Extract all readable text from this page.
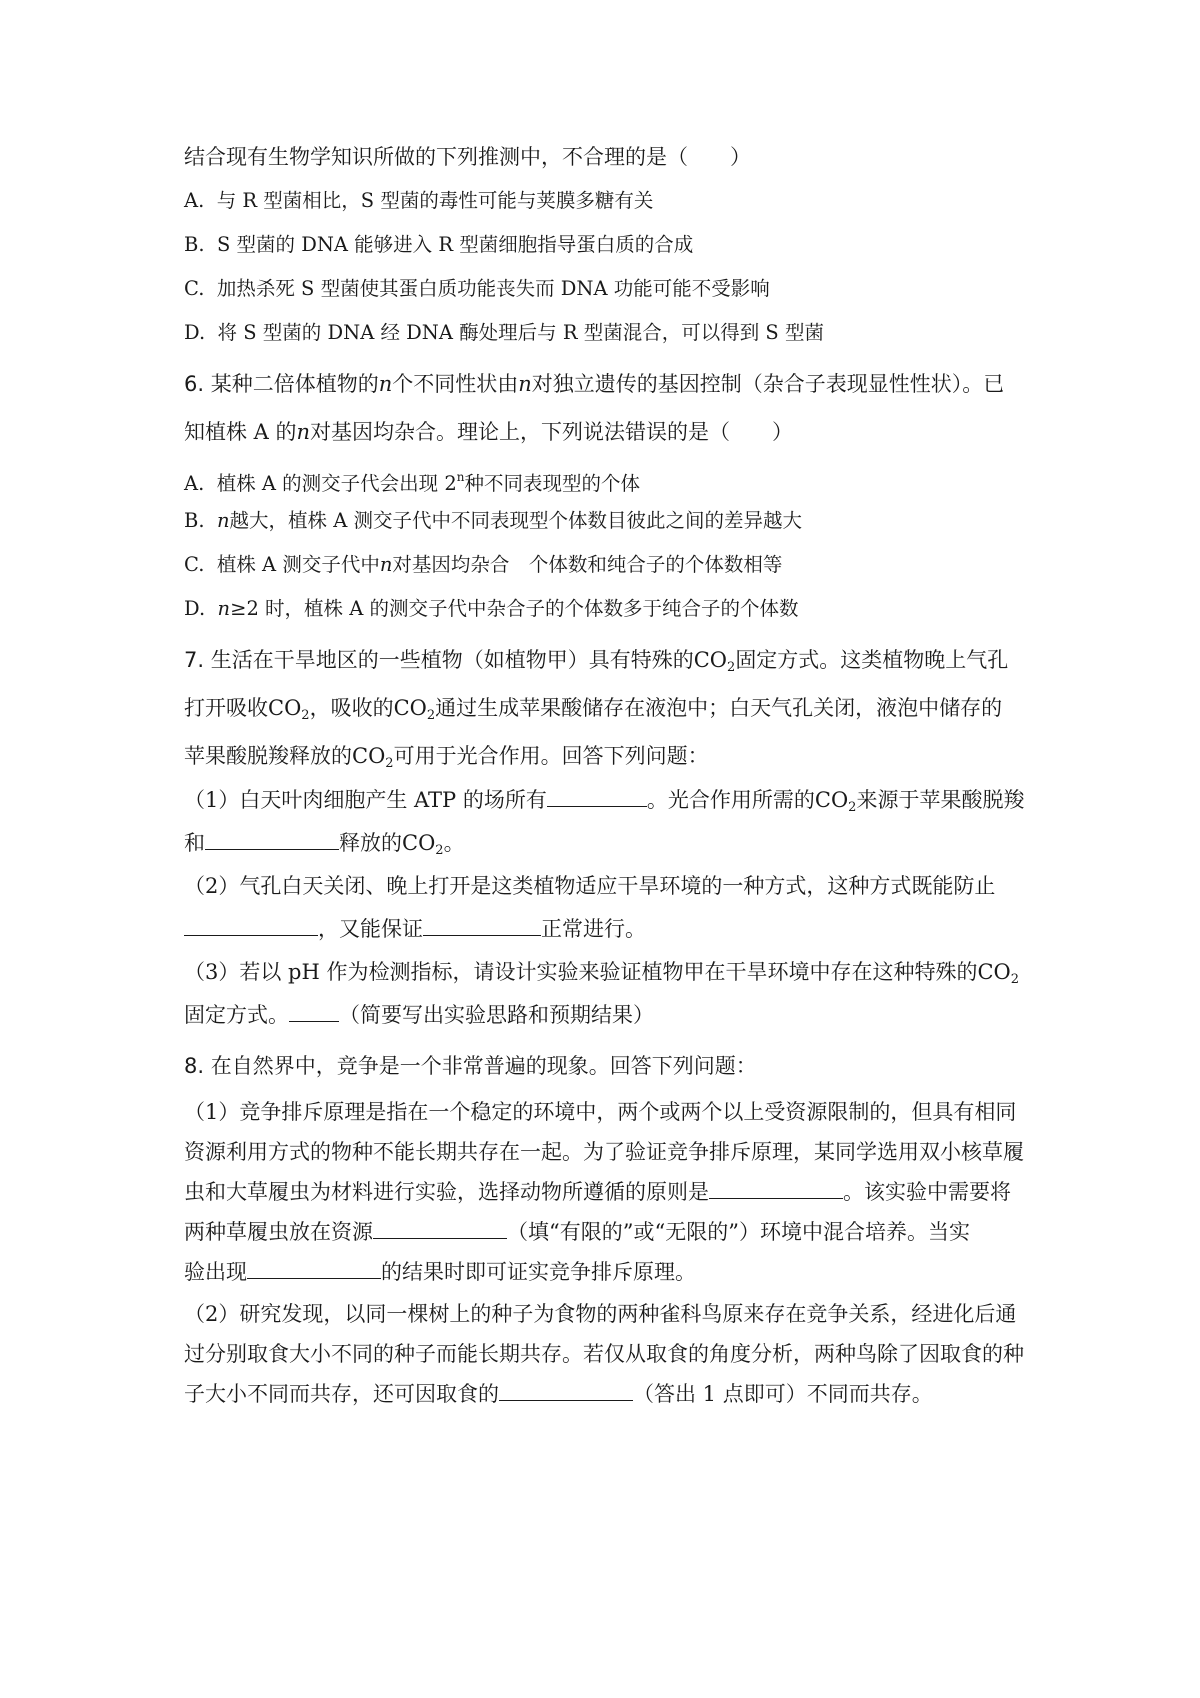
结合现有生物学知识所做的下列推测中，不合理的是（　　）
A. 与 R 型菌相比，S 型菌的毒性可能与荚膜多糖有关
B. S 型菌的 DNA 能够进入 R 型菌细胞指导蛋白质的合成
C. 加热杀死 S 型菌使其蛋白质功能丧失而 DNA 功能可能不受影响
D. 将 S 型菌的 DNA 经 DNA 酶处理后与 R 型菌混合，可以得到 S 型菌
6. 某种二倍体植物的n个不同性状由n对独立遗传的基因控制（杂合子表现显性性状）。已
知植株 A 的n对基因均杂合。理论上，下列说法错误的是（　　）
A. 植株 A 的测交子代会出现 2$^n$种不同表现型的个体
B. n越大，植株 A 测交子代中不同表现型个体数目彼此之间的差异越大
C. 植株 A 测交子代中n对基因均杂合　个体数和纯合子的个体数相等
D. n≥2 时，植株 A 的测交子代中杂合子的个体数多于纯合子的个体数
7. 生活在干旱地区的一些植物（如植物甲）具有特殊的$CO_2$固定方式。这类植物晚上气孔
打开吸收$CO_2$，吸收的$CO_2$通过生成苹果酸储存在液泡中；白天气孔关闭，液泡中储存的
苹果酸脱羧释放的$CO_2$可用于光合作用。回答下列问题：
（1）白天叶肉细胞产生 ATP 的场所有	。光合作用所需的$CO_2$来源于苹果酸脱羧
和	释放的$CO_2$。
（2）气孔白天关闭、晚上打开是这类植物适应干旱环境的一种方式，这种方式既能防止
，又能保证	正常进行。
（3）若以 pH 作为检测指标，请设计实验来验证植物甲在干旱环境中存在这种特殊的$CO_2$
固定方式。 （简要写出实验思路和预期结果）
8. 在自然界中，竞争是一个非常普遍的现象。回答下列问题：
（1）竞争排斥原理是指在一个稳定的环境中，两个或两个以上受资源限制的，但具有相同
资源利用方式的物种不能长期共存在一起。为了验证竞争排斥原理，某同学选用双小核草履
虫和大草履虫为材料进行实验，选择动物所遵循的原则是	。该实验中需要将
两种草履虫放在资源	（填“有限的”或“无限的”）环境中混合培养。当实
验出现	的结果时即可证实竞争排斥原理。
（2）研究发现，以同一棵树上的种子为食物的两种雀科鸟原来存在竞争关系，经进化后通
过分别取食大小不同的种子而能长期共存。若仅从取食的角度分析，两种鸟除了因取食的种
子大小不同而共存，还可因取食的	（答出 1 点即可）不同而共存。
